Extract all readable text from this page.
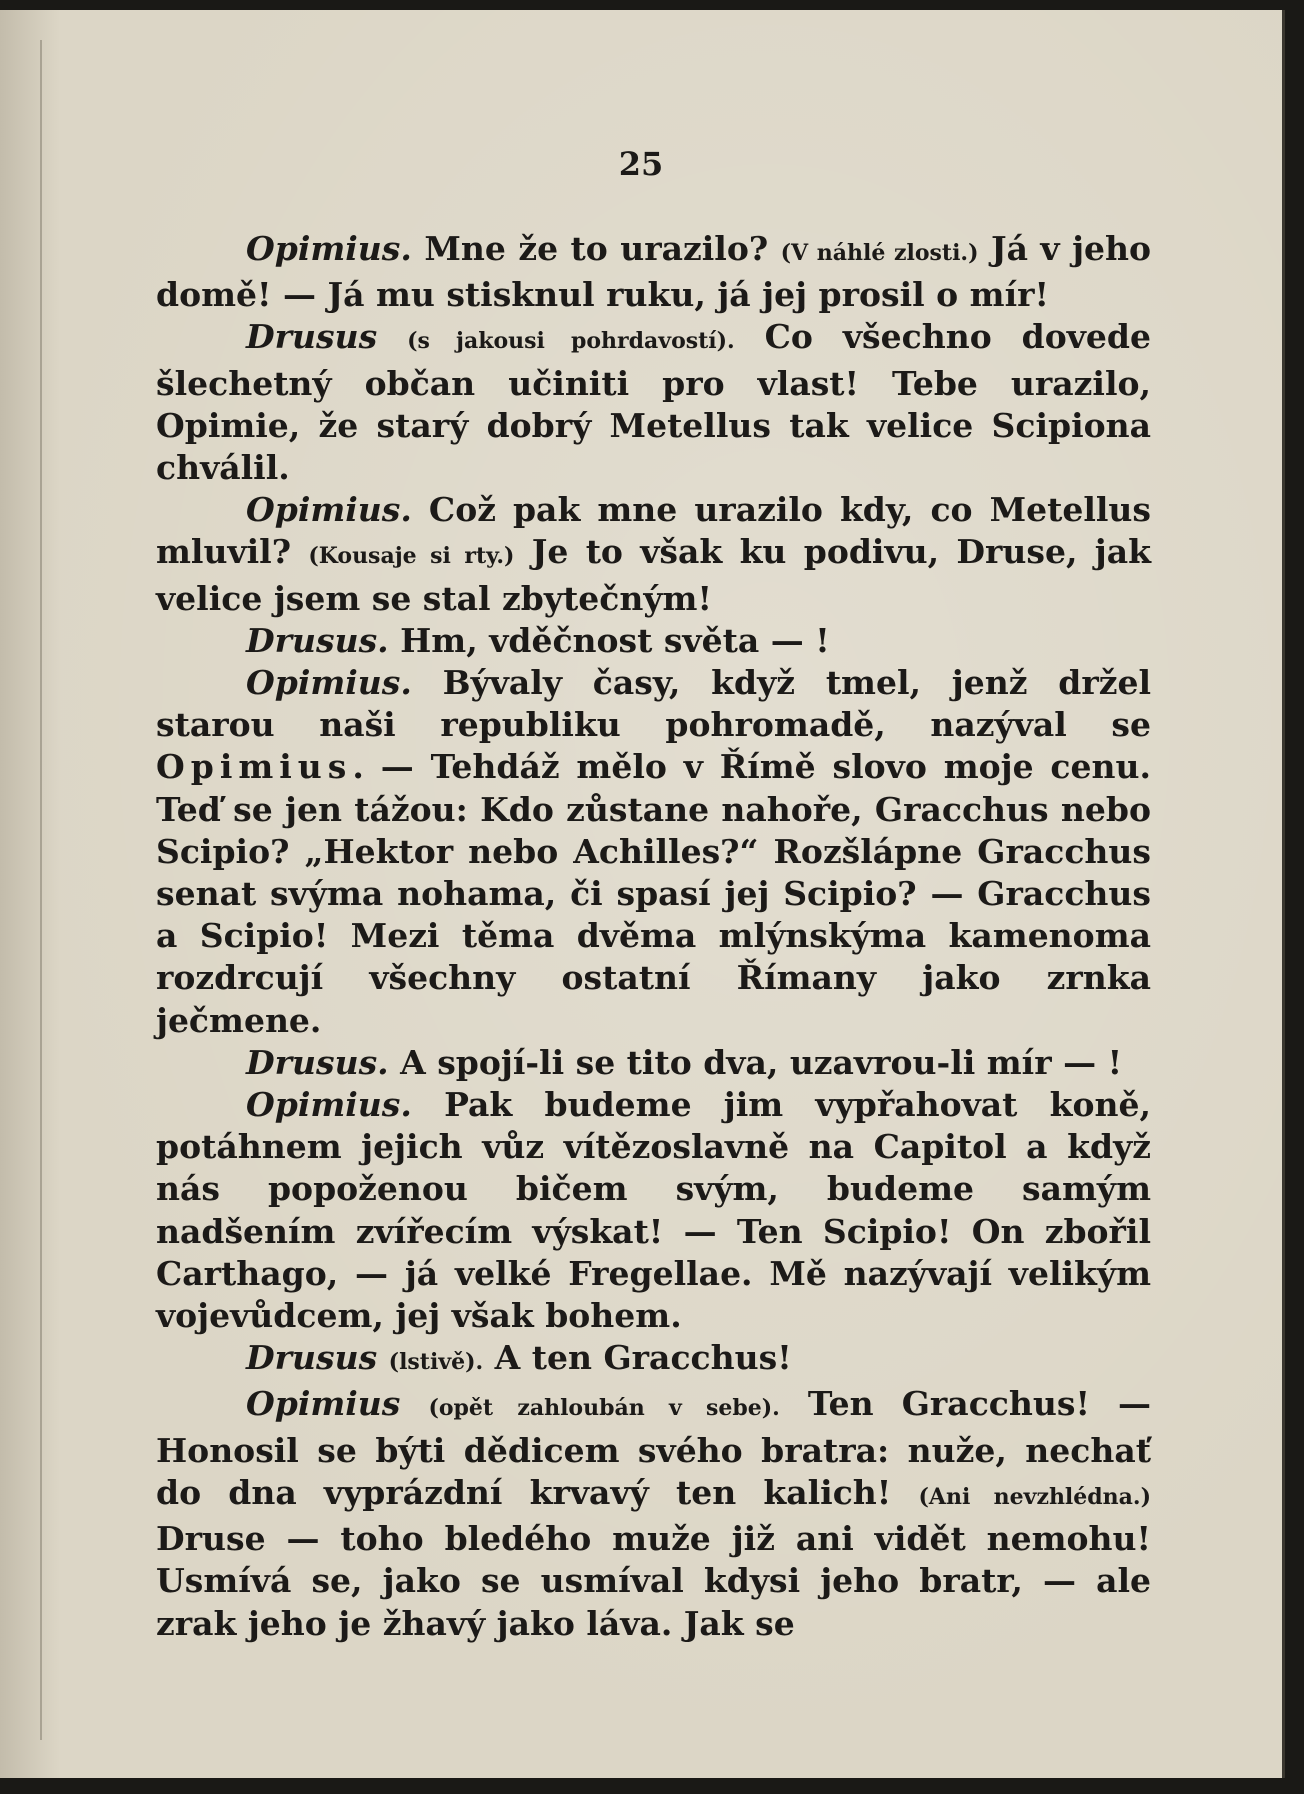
25

Opimius. Mne že to urazilo? (V náhlé zlosti.) Já v jeho domě! — Já mu stisknul ruku, já jej prosil o mír!

Drusus (s jakousi pohrdavostí). Co všechno dovede šlechetný občan učiniti pro vlast! Tebe urazilo, Opimie, že starý dobrý Metellus tak velice Scipiona chválil.

Opimius. Což pak mne urazilo kdy, co Metellus mluvil? (Kousaje si rty.) Je to však ku podivu, Druse, jak velice jsem se stal zbytečným!

Drusus. Hm, vděčnost světa — !

Opimius. Bývaly časy, když tmel, jenž držel starou naši republiku pohromadě, nazýval se Opimius. — Tehdáž mělo v Římě slovo moje cenu. Teď se jen tážou: Kdo zůstane nahoře, Gracchus nebo Scipio? „Hektor nebo Achilles?“ Rozšlápne Gracchus senat svýma nohama, či spasí jej Scipio? — Gracchus a Scipio! Mezi těma dvěma mlýnskýma kamenoma rozdrcují všechny ostatní Římany jako zrnka ječmene.

Drusus. A spojí-li se tito dva, uzavrou-li mír — !

Opimius. Pak budeme jim vypřahovat koně, potáhnem jejich vůz vítězoslavně na Capitol a když nás popoženou bičem svým, budeme samým nadšením zvířecím výskat! — Ten Scipio! On zbořil Carthago, — já velké Fregellae. Mě nazývají velikým vojevůdcem, jej však bohem.

Drusus (lstivě). A ten Gracchus!

Opimius (opět zahloubán v sebe). Ten Gracchus! — Honosil se býti dědicem svého bratra: nuže, nechať do dna vyprázdní krvavý ten kalich! (Ani nevzhlédna.) Druse — toho bledého muže již ani vidět nemohu! Usmívá se, jako se usmíval kdysi jeho bratr, — ale zrak jeho je žhavý jako láva. Jak se
